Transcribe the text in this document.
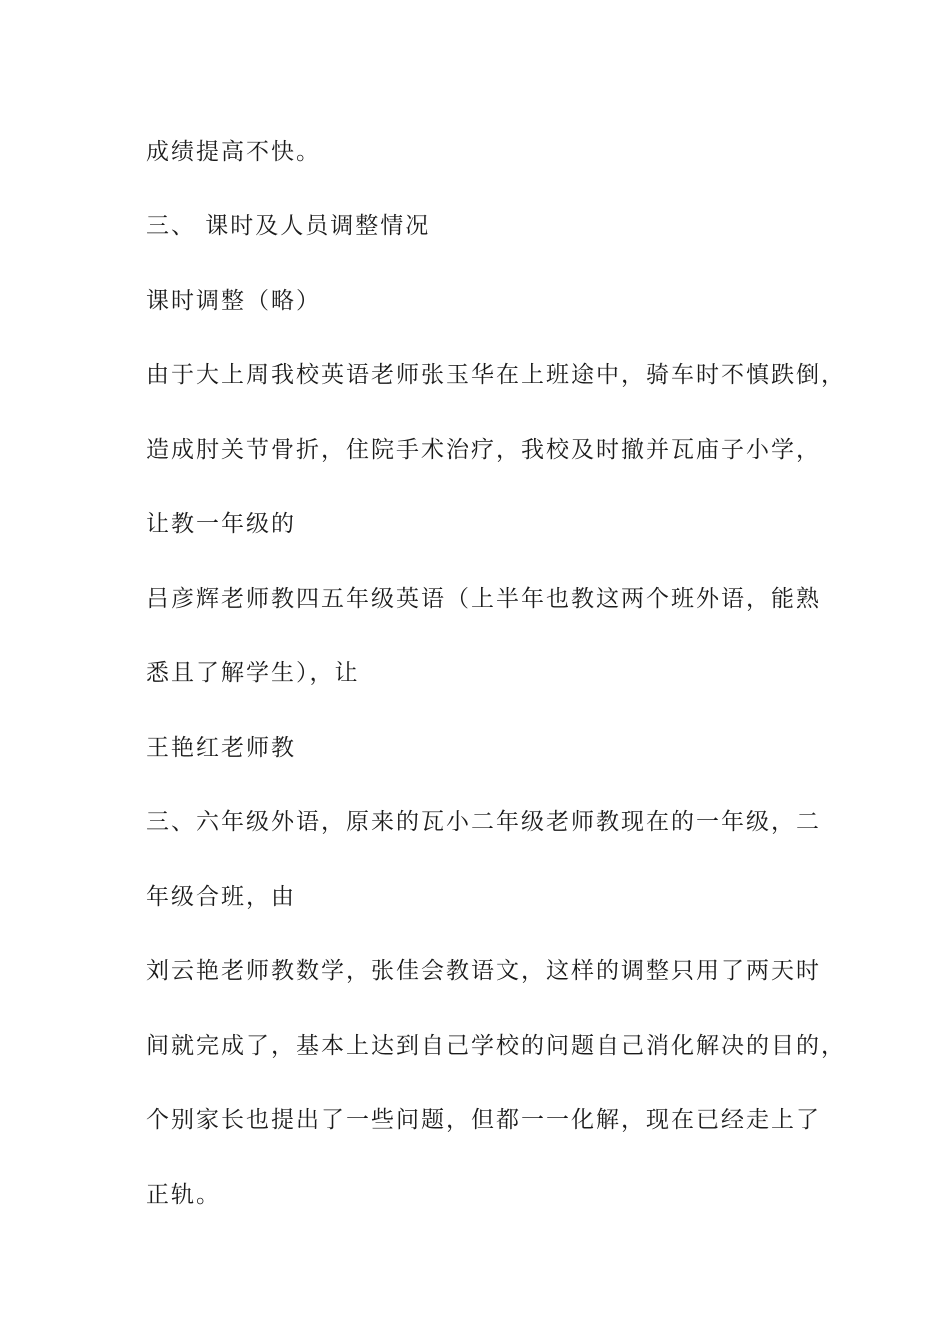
成绩提高不快。
三、 课时及人员调整情况
课时调整（略）
由于大上周我校英语老师张玉华在上班途中，骑车时不慎跌倒，
造成肘关节骨折，住院手术治疗，我校及时撤并瓦庙子小学，
让教一年级的
吕彦辉老师教四五年级英语（上半年也教这两个班外语，能熟
悉且了解学生），让
王艳红老师教
三、六年级外语，原来的瓦小二年级老师教现在的一年级，二
年级合班，由
刘云艳老师教数学，张佳会教语文，这样的调整只用了两天时
间就完成了，基本上达到自己学校的问题自己消化解决的目的，
个别家长也提出了一些问题，但都一一化解，现在已经走上了
正轨。
